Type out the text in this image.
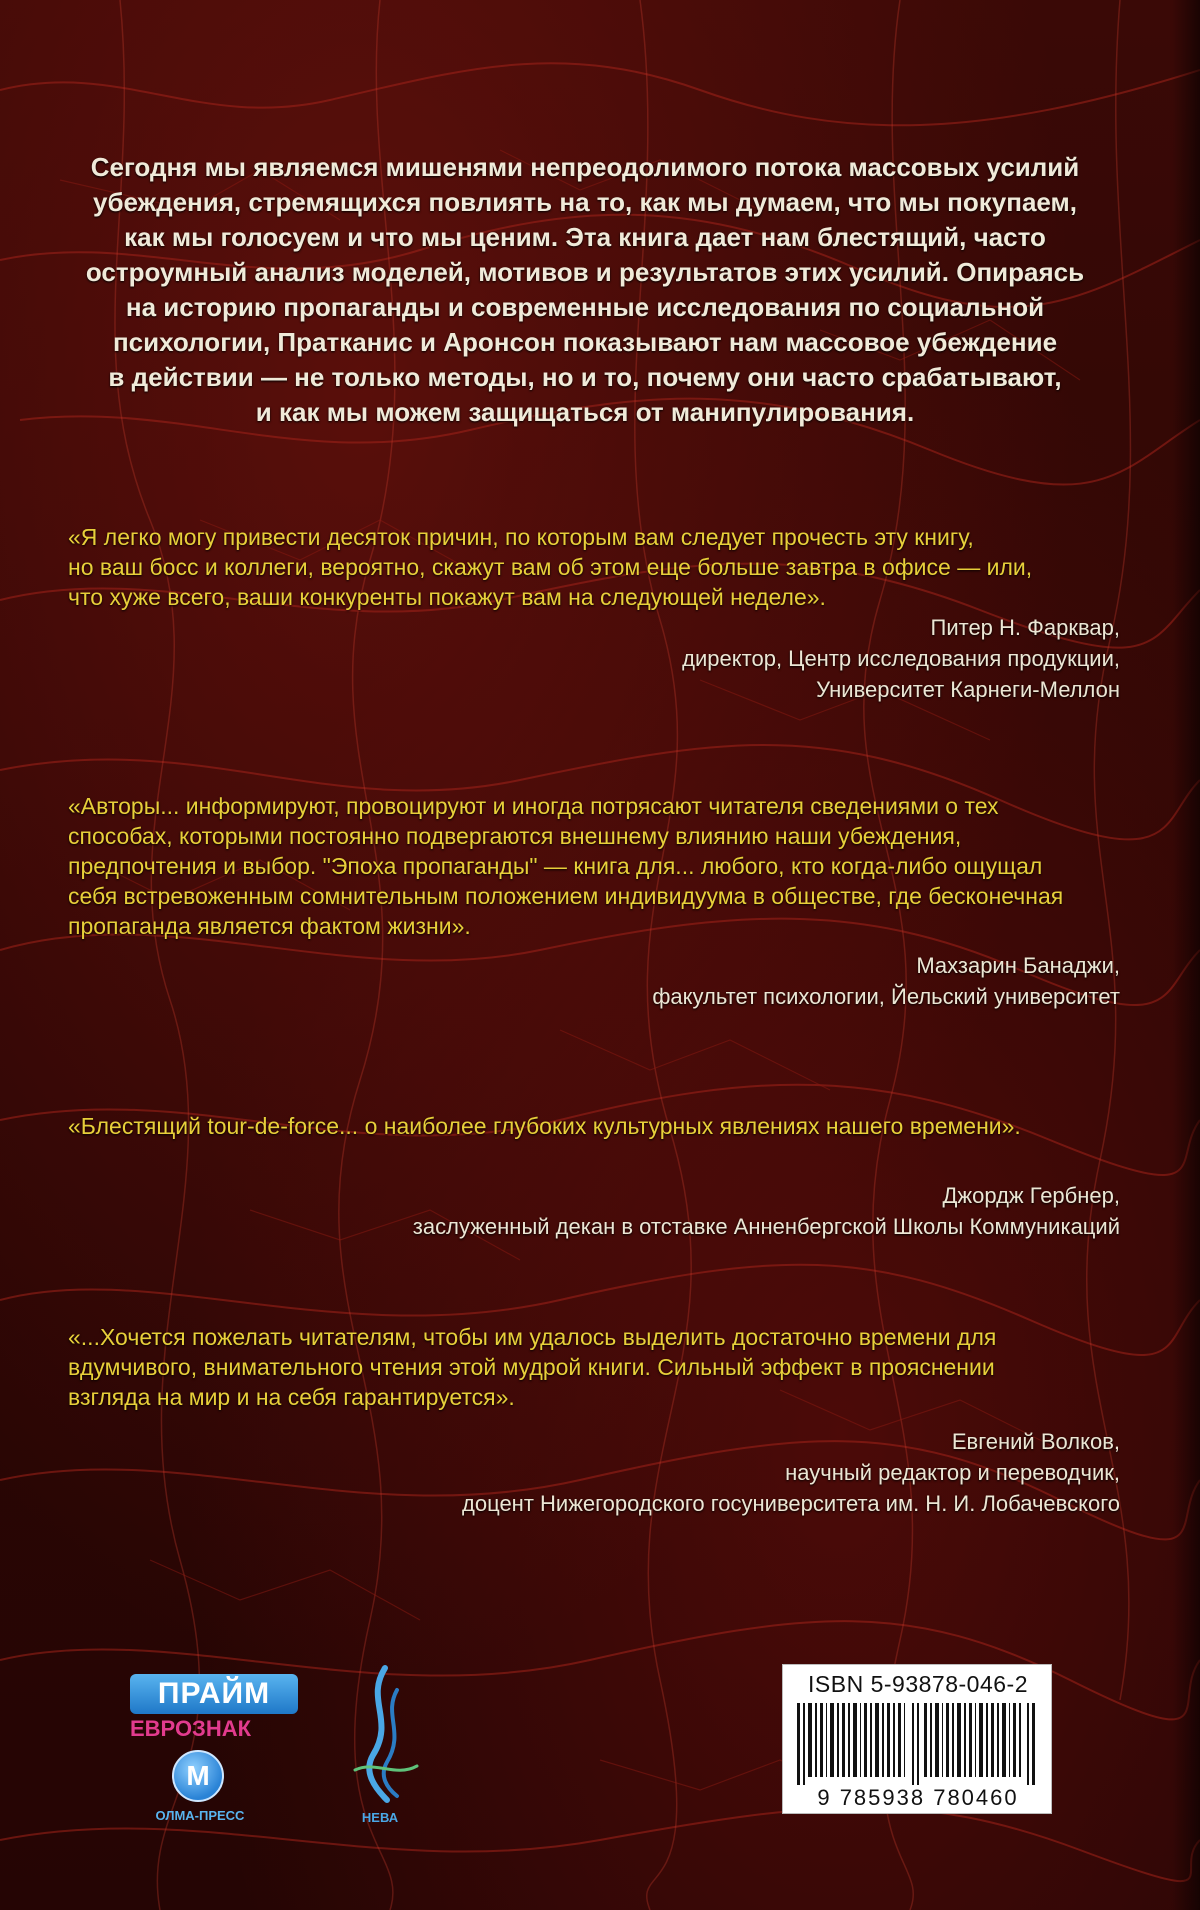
Сегодня мы являемся мишенями непреодолимого потока массовых усилий
убеждения, стремящихся повлиять на то, как мы думаем, что мы покупаем,
как мы голосуем и что мы ценим. Эта книга дает нам блестящий, часто
остроумный анализ моделей, мотивов и результатов этих усилий. Опираясь
на историю пропаганды и современные исследования по социальной
психологии, Пратканис и Аронсон показывают нам массовое убеждение
в действии — не только методы, но и то, почему они часто срабатывают,
и как мы можем защищаться от манипулирования.
«Я легко могу привести десяток причин, по которым вам следует прочесть эту книгу,
но ваш босс и коллеги, вероятно, скажут вам об этом еще больше завтра в офисе — или,
что хуже всего, ваши конкуренты покажут вам на следующей неделе».
Питер Н. Фарквар,
директор, Центр исследования продукции,
Университет Карнеги-Меллон
«Авторы... информируют, провоцируют и иногда потрясают читателя сведениями о тех
способах, которыми постоянно подвергаются внешнему влиянию наши убеждения,
предпочтения и выбор. "Эпоха пропаганды" — книга для... любого, кто когда-либо ощущал
себя встревоженным сомнительным положением индивидуума в обществе, где бесконечная
пропаганда является фактом жизни».
Махзарин Банаджи,
факультет психологии, Йельский университет
«Блестящий tour-de-force... о наиболее глубоких культурных явлениях нашего времени».
Джордж Гербнер,
заслуженный декан в отставке Анненбергской Школы Коммуникаций
«...Хочется пожелать читателям, чтобы им удалось выделить достаточно времени для
вдумчивого, внимательного чтения этой мудрой книги. Сильный эффект в прояснении
взгляда на мир и на себя гарантируется».
Евгений Волков,
научный редактор и переводчик,
доцент Нижегородского госуниверситета им. Н. И. Лобачевского
ПРАЙМ
ЕВРОЗНАК
М
ОЛМА-ПРЕСС	НЕВА
ISBN 5-93878-046-2
9 785938 780460
